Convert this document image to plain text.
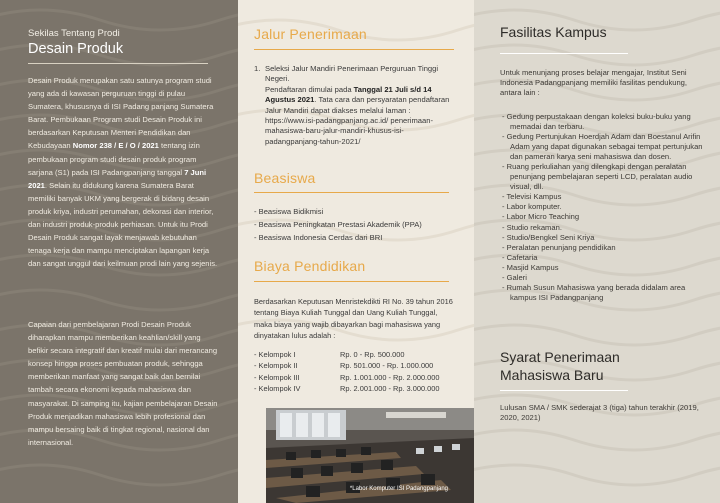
Sekilas Tentang Prodi
Desain Produk

Desain Produk merupakan satu satunya program studi yang ada di kawasan perguruan tinggi di pulau Sumatera, khususnya di ISI Padang panjang Sumatera Barat. Pembukaan Program studi Desain Produk ini berdasarkan Keputusan Menteri Pendidikan dan Kebudayaan Nomor 238 / E / O / 2021 tentang izin pembukaan program studi desain produk program sarjana (S1) pada ISI Padangpanjang tanggal 7 Juni 2021. Selain itu didukung karena Sumatera Barat memiliki banyak UKM yang bergerak di bidang desain produk kriya, industri perumahan, dekorasi dan interior, dan industri produk-produk perhiasan. Untuk itu Prodi Desain Produk sangat layak menjawab kebutuhan tenaga kerja dan mampu menciptakan lapangan kerja dan sangat unggul dari keilmuan prodi lain yang sejenis.

Capaian dari pembelajaran Prodi Desain Produk diharapkan mampu memberikan keahlian/skill yang befikir secara integratif dan kreatif mulai dari merancang konsep hingga proses pembuatan produk, sehingga memberikan manfaat yang sangat baik dan bernilai tambah secara ekonomi kepada mahasiswa dan masyarakat. Di samping itu, kajian pembelajaran Desain Produk menjadikan mahasiswa lebih profesional dan mampu bersaing baik di tingkat regional, nasional dan internasional.

Jalur Penerimaan
1. Seleksi Jalur Mandiri Penerimaan Perguruan Tinggi Negeri.
Pendaftaran dimulai pada Tanggal 21 Juli s/d 14 Agustus 2021. Tata cara dan persyaratan pendaftaran Jalur Mandiri dapat diakses melalui laman : https://www.isi-padangpanjang.ac.id/ penerimaan-mahasiswa-baru-jalur-mandiri-khusus-isi-padangpanjang-tahun-2021/
Beasiswa
- Beasiswa Bidikmisi
- Beasiswa Peningkatan Prestasi Akademik (PPA)
- Beasiswa Indonesia Cerdas dari BRI
Biaya Pendidikan

Berdasarkan Keputusan Menristekdikti RI No. 39 tahun 2016 tentang Biaya Kuliah Tunggal dan Uang Kuliah Tunggal, maka biaya yang wajib dibayarkan bagi mahasiswa yang dinyatakan lulus adalah :

- Kelompok I	Rp. 0 - Rp. 500.000
- Kelompok II	Rp. 501.000 - Rp. 1.000.000
- Kelompok III	Rp. 1.001.000 - Rp. 2.000.000
- Kelompok IV	Rp. 2.001.000 - Rp. 3.000.000
*Labor Komputer ISI Padangpanjang
Fasilitas Kampus

Untuk menunjang proses belajar mengajar, Institut Seni Indonesia Padangpanjang memiliki fasilitas pendukung, antara lain :

- Gedung perpustakaan dengan koleksi buku-buku yang memadai dan terbaru.
- Gedung Pertunjukan Hoerdjah Adam dan Boestanul Arifin Adam yang dapat digunakan sebagai tempat pertunjukan dan pameran karya seni mahasiswa dan dosen.
- Ruang perkuliahan yang dilengkapi dengan peralatan penunjang pembelajaran seperti LCD, peralatan audio visual, dll.
- Televisi Kampus
- Labor komputer.
- Labor Micro Teaching
- Studio rekaman.
- Studio/Bengkel Seni Kriya
- Peralatan penunjang pendidikan
- Cafetaria
- Masjid Kampus
- Galeri
- Rumah Susun Mahasiswa yang berada didalam area kampus ISI Padangpanjang
Syarat Penerimaan
Mahasiswa Baru

Lulusan SMA / SMK sederajat 3 (tiga) tahun terakhir (2019, 2020, 2021)
